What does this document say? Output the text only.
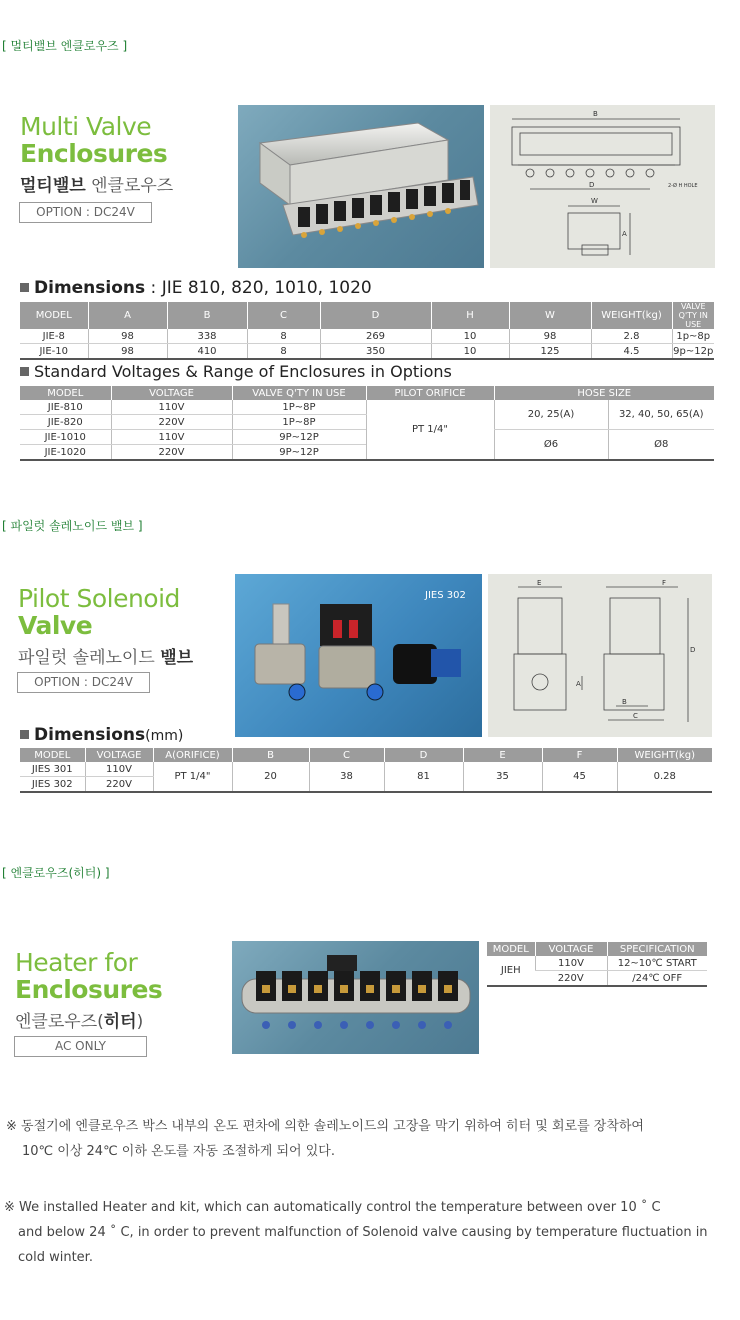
[ 멀티밸브 엔클로우즈 ]
Multi Valve
Enclosures
멀티밸브 엔클로우즈
OPTION : DC24V
B
D	2-Ø H HOLE
W
A
Dimensions : JIE 810, 820, 1010, 1020
MODEL	A	B	C	D	H	W	WEIGHT(kg)	VALVE Q'TY IN USE
JIE-8	98	338	8	269	10	98	2.8	1p~8p
JIE-10	98	410	8	350	10	125	4.5	9p~12p
Standard Voltages & Range of Enclosures in Options
MODEL	VOLTAGE	VALVE Q'TY IN USE	PILOT ORIFICE	HOSE SIZE	
JIE-810	110V	1P~8P	PT 1/4"	20, 25(A)	32, 40, 50, 65(A)
JIE-820	220V	1P~8P			
JIE-1010	110V	9P~12P		Ø6	Ø8
JIE-1020	220V	9P~12P			
[ 파일럿 솔레노이드 밸브 ]
Pilot Solenoid
Valve
파일럿 솔레노이드 밸브
OPTION : DC24V
JIES 302
E	F
D
B
C
A
Dimensions(mm)
MODEL	VOLTAGE	A(ORIFICE)	B	C	D	E	F	WEIGHT(kg)
JIES 301	110V	PT 1/4"	20	38	81	35	45	0.28
JIES 302	220V							
[ 엔클로우즈(히터) ]
Heater for
Enclosures
엔클로우즈(히터)
AC ONLY
MODEL	VOLTAGE	SPECIFICATION
JIEH	110V	12~10℃ START
	220V	/24℃ OFF
※ 동절기에 엔클로우즈 박스 내부의 온도 편차에 의한 솔레노이드의 고장을 막기 위하여 히터 및 회로를 장착하여
10℃ 이상 24℃ 이하 온도를 자동 조절하게 되어 있다.
※ We installed Heater and kit, which can automatically control the temperature between over 10 ˚ C
and below 24 ˚ C, in order to prevent malfunction of Solenoid valve causing by temperature fluctuation in
cold winter.
